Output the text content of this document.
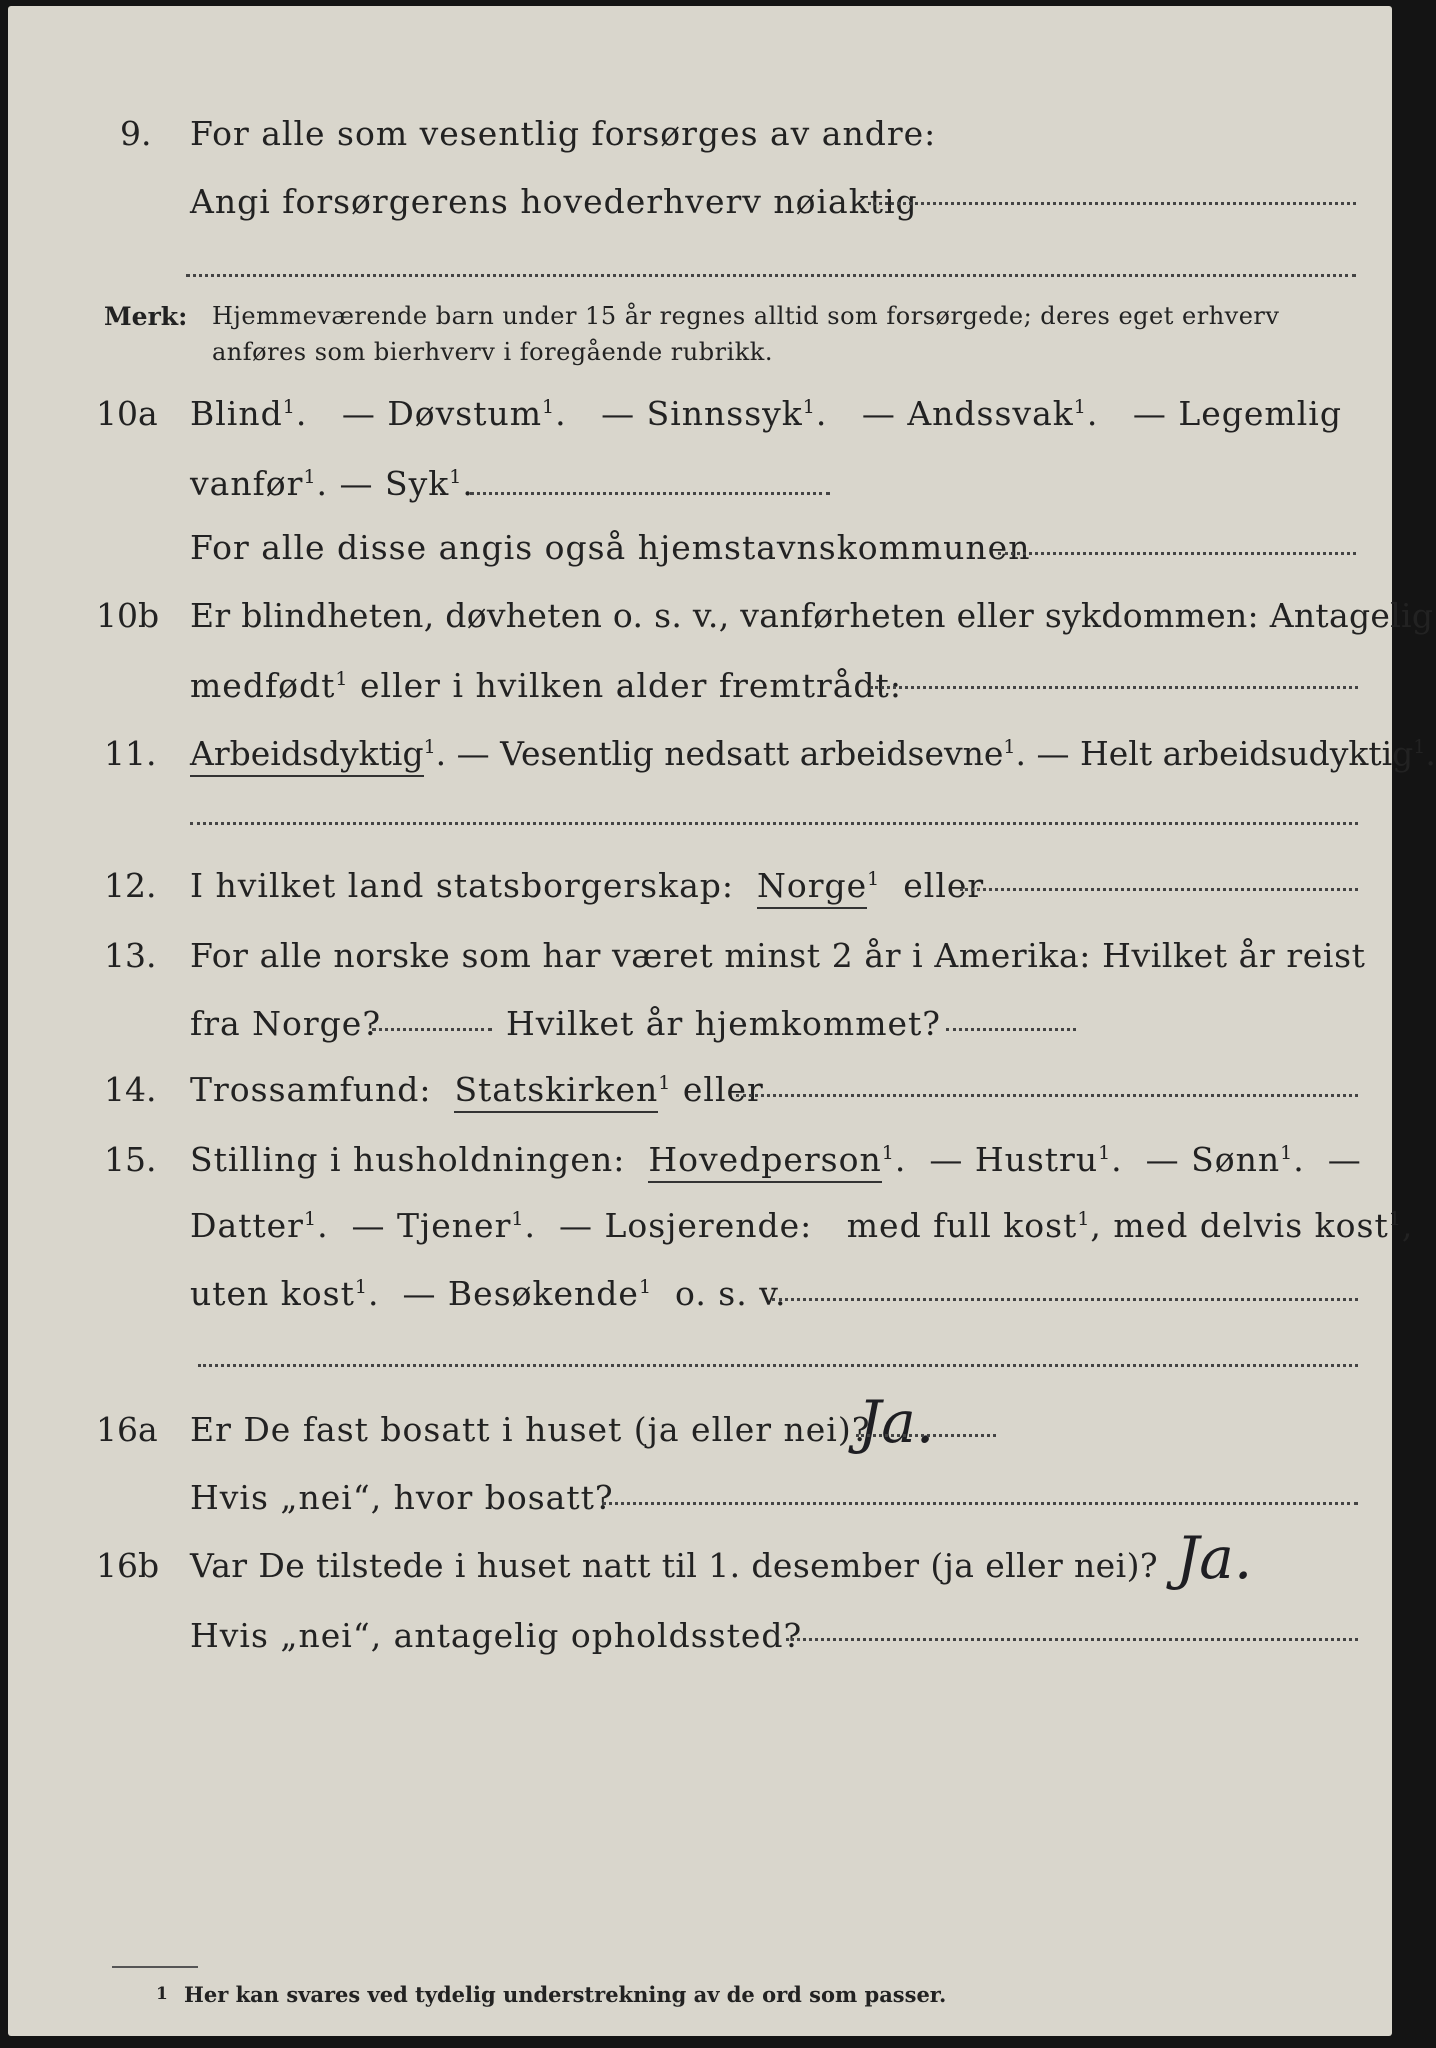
9. For alle som vesentlig forsørges av andre:
Angi forsørgerens hovederhverv nøiaktig
Merk: Hjemmeværende barn under 15 år regnes alltid som forsørgede; deres eget erhverv
anføres som bierhverv i foregående rubrikk.
10a Blind$^1$. — Døvstum$^1$. — Sinnssyk$^1$. — Andssvak$^1$. — Legemlig
vanfør$^1$. — Syk$^1$.
For alle disse angis også hjemstavnskommunen
10b Er blindheten, døvheten o. s. v., vanførheten eller sykdommen: Antagelig
medfødt$^1$ eller i hvilken alder fremtrådt:
11. Arbeidsdyktig$^1$. — Vesentlig nedsatt arbeidsevne$^1$. — Helt arbeidsudyktig$^1$.
12. I hvilket land statsborgerskap: Norge$^1$ eller
13. For alle norske som har været minst 2 år i Amerika: Hvilket år reist
fra Norge?	Hvilket år hjemkommet?
14. Trossamfund: Statskirken$^1$ eller
15. Stilling i husholdningen: Hovedperson$^1$. — Hustru$^1$. — Sønn$^1$. —
Datter$^1$. — Tjener$^1$. — Losjerende: med full kost$^1$, med delvis kost$^1$,
uten kost$^1$. — Besøkende$^1$ o. s. v.
16a Er De fast bosatt i huset (ja eller nei)?
Ja.
Hvis „nei“, hvor bosatt?
16b Var De tilstede i huset natt til 1. desember (ja eller nei)? Ja.
Hvis „nei“, antagelig opholdssted?
1 Her kan svares ved tydelig understrekning av de ord som passer.
